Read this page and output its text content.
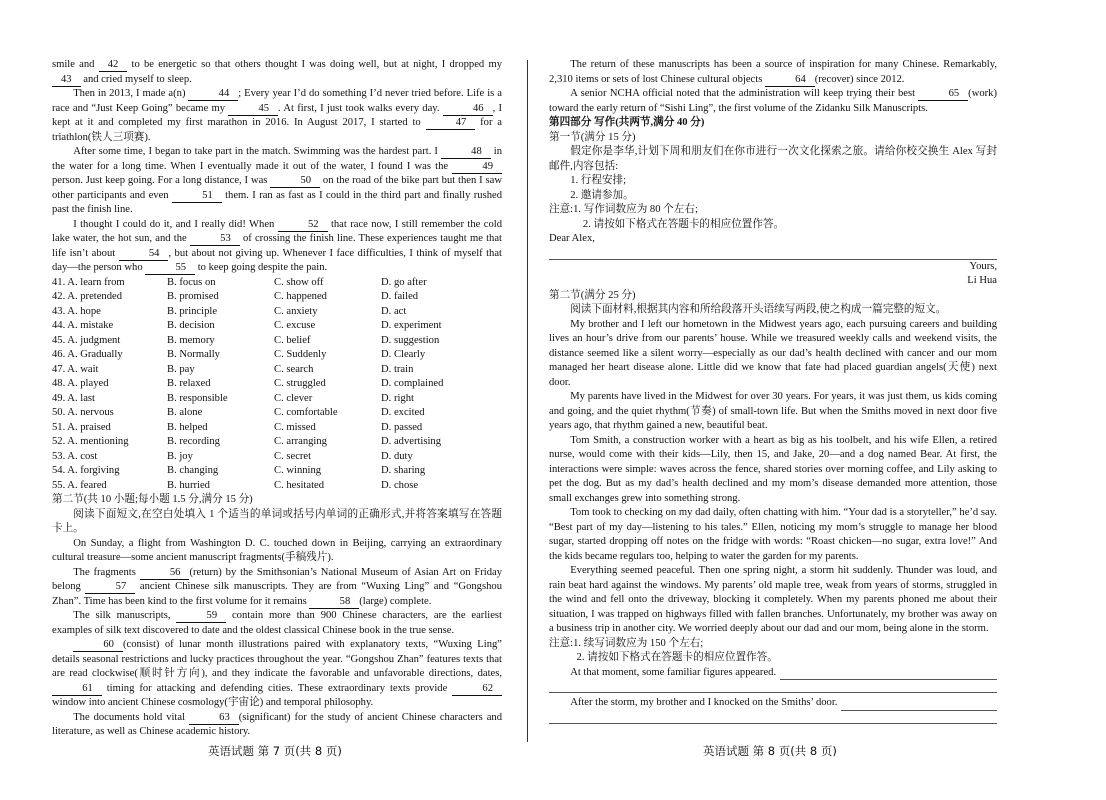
smile and 42 to be energetic so that others thought I was doing well, but at night, I dropped my 43 and cried myself to sleep.

Then in 2013, I made a(n)	44 ; Every year I’d do something I’d never tried before. Life is a race and “Just Keep Going” became my	45 . At first, I just took walks every day.	46 , I kept at it and completed my first marathon in 2016. In August 2017, I started to	47 for a triathlon(铁人三项赛).

After some time, I began to take part in the match. Swimming was the hardest part. I	48 in the water for a long time. When I eventually made it out of the water, I found I was the	49 person. Just keep going. For a long distance, I was	50 on the road of the bike part but then I saw other participants and even	51 them. I ran as fast as I could in the third part and finally rushed past the finish line.

I thought I could do it, and I really did! When	52 that race now, I still remember the cold lake water, the hot sun, and the	53 of crossing the finish line. These experiences taught me that life isn’t about	54 , but about not giving up. Whenever I face difficulties, I think of myself that day—the person who	55 to keep going despite the pain.

41. A. learn from	B. focus on	C. show off	D. go after
42. A. pretended	B. promised	C. happened	D. failed
43. A. hope	B. principle	C. anxiety	D. act
44. A. mistake	B. decision	C. excuse	D. experiment
45. A. judgment	B. memory	C. belief	D. suggestion
46. A. Gradually	B. Normally	C. Suddenly	D. Clearly
47. A. wait	B. pay	C. search	D. train
48. A. played	B. relaxed	C. struggled	D. complained
49. A. last	B. responsible	C. clever	D. right
50. A. nervous	B. alone	C. comfortable	D. excited
51. A. praised	B. helped	C. missed	D. passed
52. A. mentioning	B. recording	C. arranging	D. advertising
53. A. cost	B. joy	C. secret	D. duty
54. A. forgiving	B. changing	C. winning	D. sharing
55. A. feared	B. hurried	C. hesitated	D. chose

第二节(共 10 小题;每小题 1.5 分,满分 15 分)

阅读下面短文,在空白处填入 1 个适当的单词或括号内单词的正确形式,并将答案填写在答题卡上。

On Sunday, a flight from Washington D. C. touched down in Beijing, carrying an extraordinary cultural treasure—some ancient manuscript fragments(手稿残片).

The fragments	56 (return) by the Smithsonian’s National Museum of Asian Art on Friday belong	57 ancient Chinese silk manuscripts. They are from “Wuxing Ling” and “Gongshou Zhan”. Time has been kind to the first volume for it remains	58 (large) complete.

The silk manuscripts,	59 contain more than 900 Chinese characters, are the earliest examples of silk text discovered to date and the oldest classical Chinese book in the true sense.

60 (consist) of lunar month illustrations paired with explanatory texts, “Wuxing Ling” details seasonal restrictions and lucky practices throughout the year. “Gongshou Zhan” features texts that are read clockwise(顺时针方向), and they indicate the favorable and unfavorable directions, dates, 61 timing for attacking and defending cities. These extraordinary texts provide	62 window into ancient Chinese cosmology(宇宙论) and temporal philosophy.

The documents hold vital	63 (significant) for the study of ancient Chinese characters and literature, as well as Chinese academic history.

The return of these manuscripts has been a source of inspiration for many Chinese. Remarkably, 2,310 items or sets of lost Chinese cultural objects	64 (recover) since 2012.

A senior NCHA official noted that the administration will keep trying their best	65 (work) toward the early return of “Sishi Ling”, the first volume of the Zidanku Silk Manuscripts.

第四部分 写作(共两节,满分 40 分)

第一节(满分 15 分)

假定你是李华,计划下周和朋友们在你市进行一次文化探索之旅。请给你校交换生 Alex 写封邮件,内容包括:

1. 行程安排;

2. 邀请参加。

注意:1. 写作词数应为 80 个左右;

2. 请按如下格式在答题卡的相应位置作答。

Dear Alex,

Yours,

Li Hua

第二节(满分 25 分)

阅读下面材料,根据其内容和所给段落开头语续写两段,使之构成一篇完整的短文。

My brother and I left our hometown in the Midwest years ago, each pursuing careers and building lives an hour’s drive from our parents’ house. While we treasured weekly calls and weekend visits, the distance seemed like a silent worry—especially as our dad’s health declined with cancer and our mom managed her heart disease alone. Little did we know that fate had placed guardian angels(天使) next door.

My parents have lived in the Midwest for over 30 years. For years, it was just them, us kids coming and going, and the quiet rhythm(节奏) of small-town life. But when the Smiths moved in next door five years ago, that rhythm gained a new, beautiful beat.

Tom Smith, a construction worker with a heart as big as his toolbelt, and his wife Ellen, a retired nurse, would come with their kids—Lily, then 15, and Jake, 20—and a dog named Bear. At first, the interactions were simple: waves across the fence, shared stories over morning coffee, and Lily asking to pet the dog. But as my dad’s health declined and my mom’s disease demanded more attention, those small exchanges grew into something strong.

Tom took to checking on my dad daily, often chatting with him. “Your dad is a storyteller,” he’d say. “Best part of my day—listening to his tales.” Ellen, noticing my mom’s struggle to manage her blood sugar, started dropping off notes on the fridge with words: “Roast chicken—no sugar, extra love!” And the kids became regulars too, helping to water the garden for my parents.

Everything seemed peaceful. Then one spring night, a storm hit suddenly. Thunder was loud, and rain beat hard against the windows. My parents’ old maple tree, weak from years of storms, struggled in the wind and fell onto the driveway, blocking it completely. When my parents phoned me about their situation, I was trapped on highways filled with fallen branches. Unfortunately, my brother was away on a business trip in another city. We worried deeply about our dad and our mom, being alone in the storm.

注意:1. 续写词数应为 150 个左右;

2. 请按如下格式在答题卡的相应位置作答。

At that moment, some familiar figures appeared.
After the storm, my brother and I knocked on the Smiths’ door.
英语试题 第 7 页(共 8 页)	英语试题 第 8 页(共 8 页)
